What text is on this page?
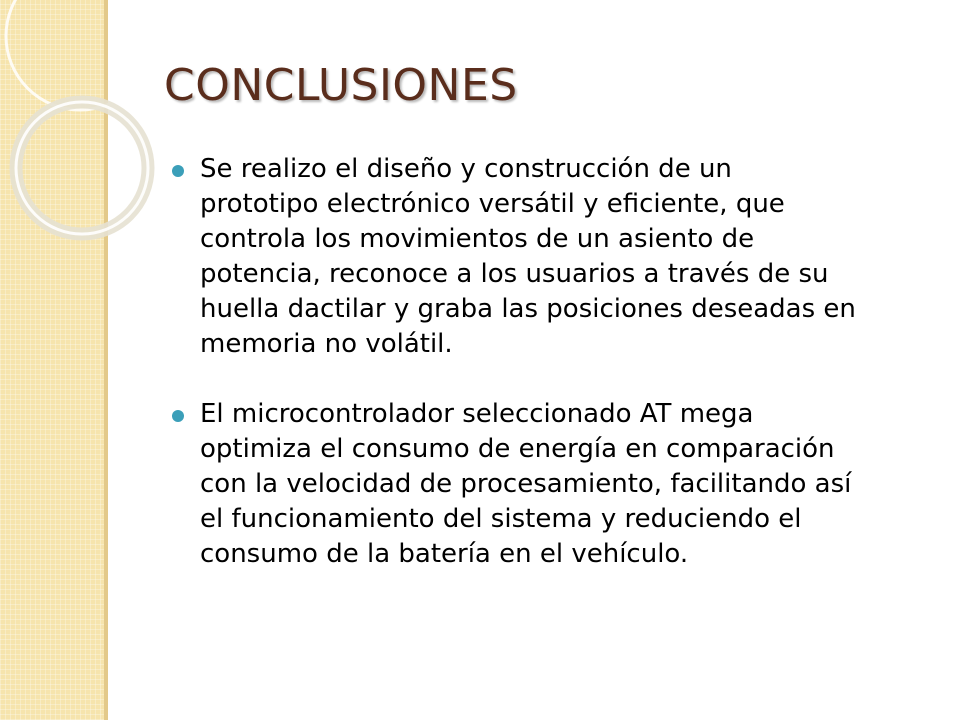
CONCLUSIONES
Se realizo el diseño y construcción de un
prototipo electrónico versátil y eficiente, que
controla los movimientos de un asiento de
potencia, reconoce a los usuarios a través de su
huella dactilar y graba las posiciones deseadas en
memoria no volátil.
El microcontrolador seleccionado AT mega
optimiza el consumo de energía en comparación
con la velocidad de procesamiento, facilitando así
el funcionamiento del sistema y reduciendo el
consumo de la batería en el vehículo.
